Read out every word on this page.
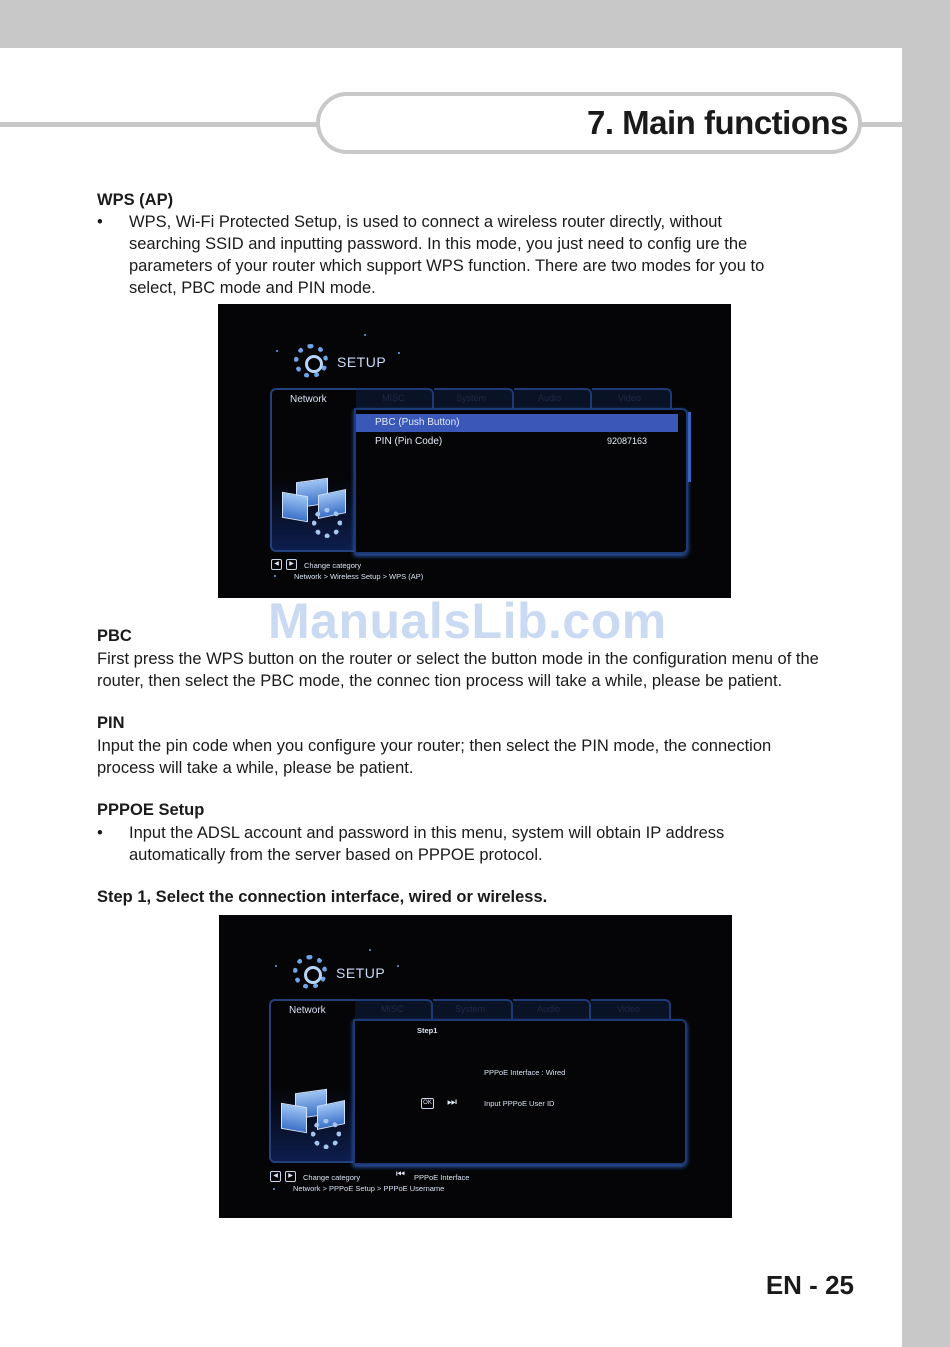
7. Main functions
WPS (AP)
• WPS, Wi-Fi Protected Setup, is used to connect a wireless router directly, without
searching SSID and inputting password. In this mode, you just need to config ure the
parameters of your router which support WPS function. There are two modes for you to
select, PBC mode and PIN mode.
SETUP
MISC	System	Audio	Video
Network
PBC (Push Button)
PIN (Pin Code)	92087163
◀	▶	Change category
Network > Wireless Setup > WPS (AP)
ManualsLib.com
PBC
First press the WPS button on the router or select the button mode in the configuration menu of the
router, then select the PBC mode, the connec tion process will take a while, please be patient.
PIN
Input the pin code when you configure your router; then select the PIN mode, the connection
process will take a while, please be patient.
PPPOE Setup
• Input the ADSL account and password in this menu, system will obtain IP address
automatically from the server based on PPPOE protocol.
Step 1, Select the connection interface, wired or wireless.
SETUP
MISC	System	Audio	Video
Network
Step1
PPPoE Interface : Wired
OK ⏭	Input PPPoE User ID
◀	▶	Change category	⏮ PPPoE Interface
Network > PPPoE Setup > PPPoE Username
EN - 25
